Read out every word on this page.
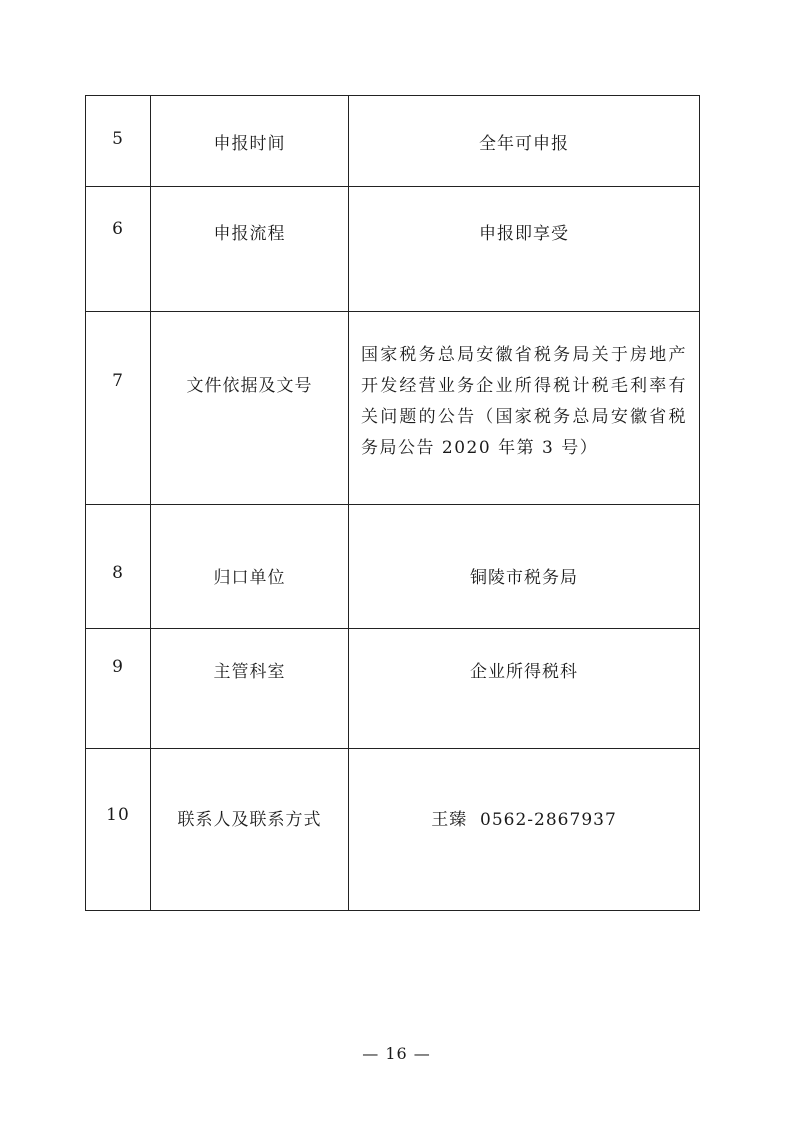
5	申报时间	全年可申报

6	申报流程	申报即享受

7	文件依据及文号	国家税务总局安徽省税务局关于房地产开发经营业务企业所得税计税毛利率有关问题的公告（国家税务总局安徽省税务局公告 2020 年第 3 号）

8	归口单位	铜陵市税务局

9	主管科室	企业所得税科

10	联系人及联系方式	王臻  0562-2867937
— 16 —
